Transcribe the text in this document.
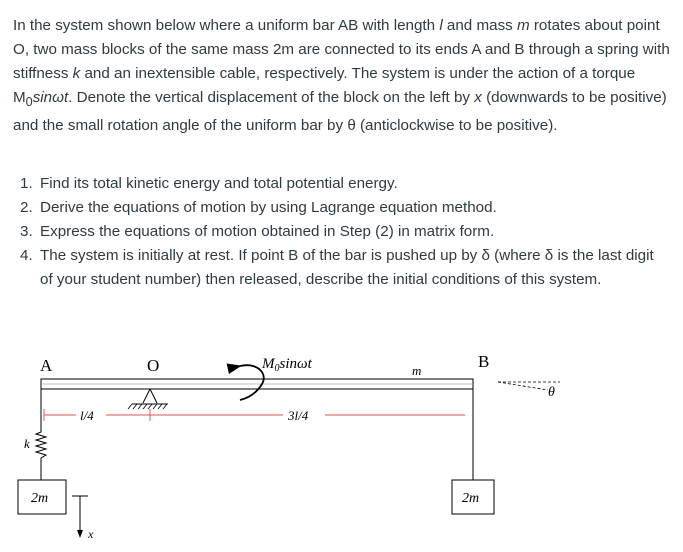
In the system shown below where a uniform bar AB with length l and mass m rotates about point O, two mass blocks of the same mass 2m are connected to its ends A and B through a spring with stiffness k and an inextensible cable, respectively. The system is under the action of a torque $M_0\sin\omega t$. Denote the vertical displacement of the block on the left by x (downwards to be positive) and the small rotation angle of the uniform bar by θ (anticlockwise to be positive).

1. Find its total kinetic energy and total potential energy.
2. Derive the equations of motion by using Lagrange equation method.
3. Express the equations of motion obtained in Step (2) in matrix form.
4. The system is initially at rest. If point B of the bar is pushed up by δ (where δ is the last digit of your student number) then released, describe the initial conditions of this system.
A	O	B
m
$M_0\sin\omega t$
l/4	3l/4
k
2m
x
2m
θ
